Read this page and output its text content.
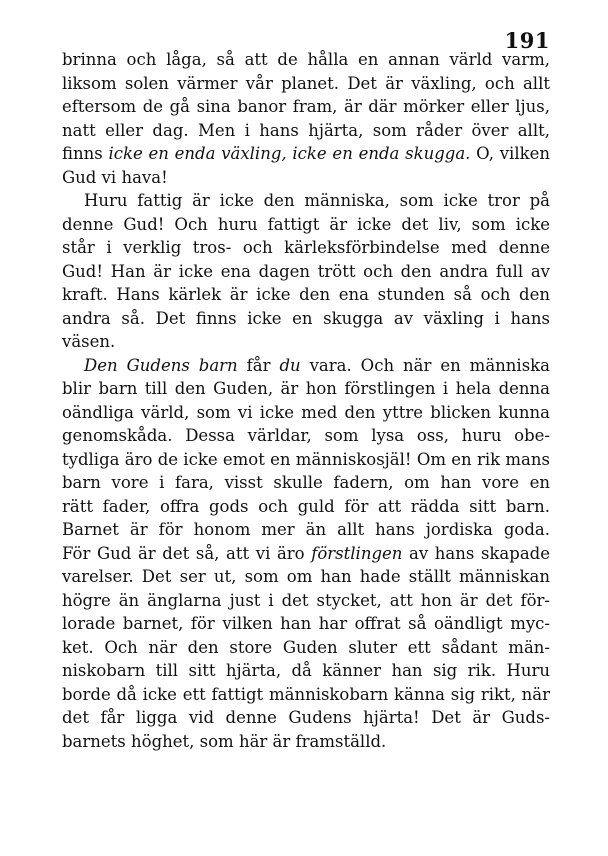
191
brinna och låga, så att de hålla en annan värld varm,
liksom solen värmer vår planet. Det är växling, och allt
eftersom de gå sina banor fram, är där mörker eller ljus,
natt eller dag. Men i hans hjärta, som råder över allt,
finns icke en enda växling, icke en enda skugga. O, vilken
Gud vi hava!
Huru fattig är icke den människa, som icke tror på
denne Gud! Och huru fattigt är icke det liv, som icke
står i verklig tros- och kärleksförbindelse med denne
Gud! Han är icke ena dagen trött och den andra full av
kraft. Hans kärlek är icke den ena stunden så och den
andra så. Det finns icke en skugga av växling i hans
väsen.
Den Gudens barn får du vara. Och när en människa
blir barn till den Guden, är hon förstlingen i hela denna
oändliga värld, som vi icke med den yttre blicken kunna
genomskåda. Dessa världar, som lysa oss, huru obe-
tydliga äro de icke emot en människosjäl! Om en rik mans
barn vore i fara, visst skulle fadern, om han vore en
rätt fader, offra gods och guld för att rädda sitt barn.
Barnet är för honom mer än allt hans jordiska goda.
För Gud är det så, att vi äro förstlingen av hans skapade
varelser. Det ser ut, som om han hade ställt människan
högre än änglarna just i det stycket, att hon är det för-
lorade barnet, för vilken han har offrat så oändligt myc-
ket. Och när den store Guden sluter ett sådant män-
niskobarn till sitt hjärta, då känner han sig rik. Huru
borde då icke ett fattigt människobarn känna sig rikt, när
det får ligga vid denne Gudens hjärta! Det är Guds-
barnets höghet, som här är framställd.
